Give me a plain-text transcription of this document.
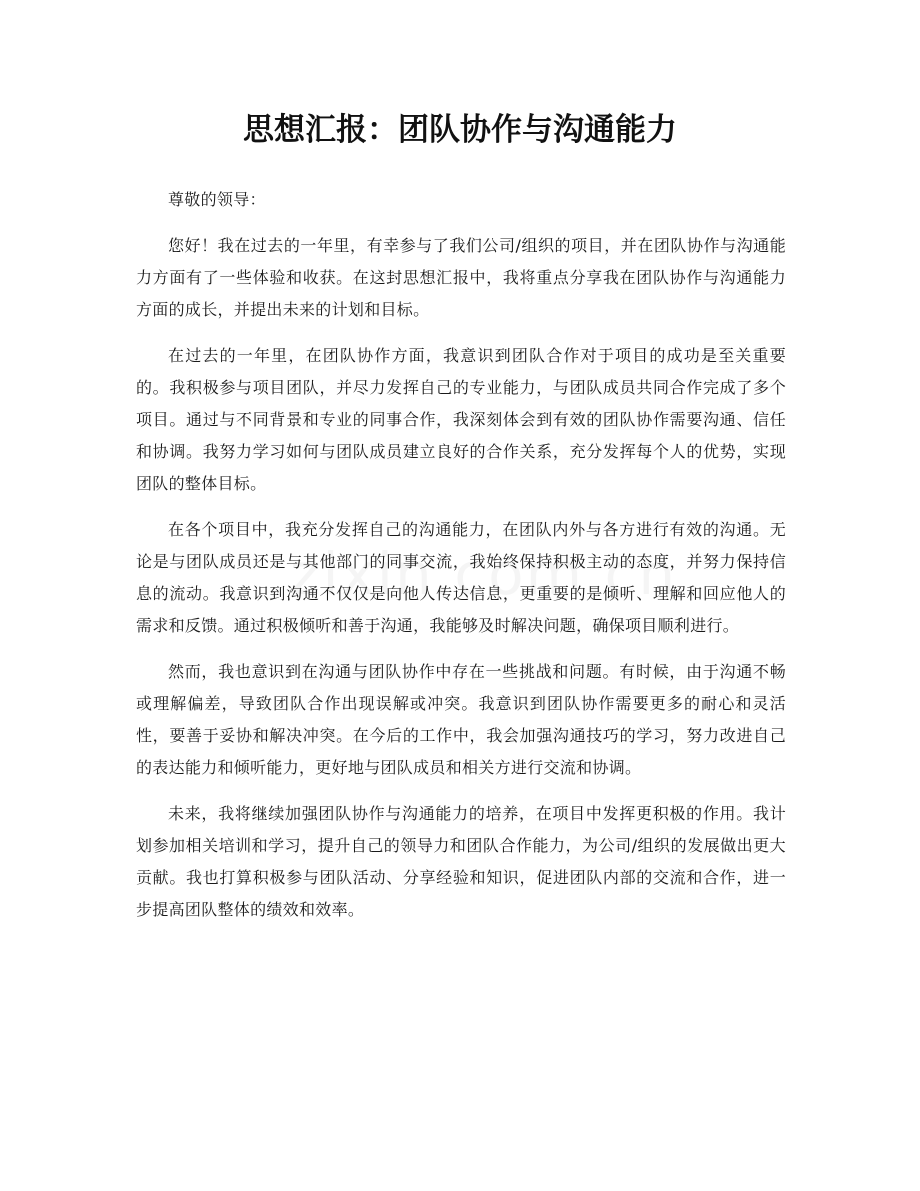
思想汇报：团队协作与沟通能力

尊敬的领导：

您好！我在过去的一年里，有幸参与了我们公司/组织的项目，并在团队协作与沟通能力方面有了一些体验和收获。在这封思想汇报中，我将重点分享我在团队协作与沟通能力方面的成长，并提出未来的计划和目标。

在过去的一年里，在团队协作方面，我意识到团队合作对于项目的成功是至关重要的。我积极参与项目团队，并尽力发挥自己的专业能力，与团队成员共同合作完成了多个项目。通过与不同背景和专业的同事合作，我深刻体会到有效的团队协作需要沟通、信任和协调。我努力学习如何与团队成员建立良好的合作关系，充分发挥每个人的优势，实现团队的整体目标。

在各个项目中，我充分发挥自己的沟通能力，在团队内外与各方进行有效的沟通。无论是与团队成员还是与其他部门的同事交流，我始终保持积极主动的态度，并努力保持信息的流动。我意识到沟通不仅仅是向他人传达信息，更重要的是倾听、理解和回应他人的需求和反馈。通过积极倾听和善于沟通，我能够及时解决问题，确保项目顺利进行。

然而，我也意识到在沟通与团队协作中存在一些挑战和问题。有时候，由于沟通不畅或理解偏差，导致团队合作出现误解或冲突。我意识到团队协作需要更多的耐心和灵活性，要善于妥协和解决冲突。在今后的工作中，我会加强沟通技巧的学习，努力改进自己的表达能力和倾听能力，更好地与团队成员和相关方进行交流和协调。

未来，我将继续加强团队协作与沟通能力的培养，在项目中发挥更积极的作用。我计划参加相关培训和学习，提升自己的领导力和团队合作能力，为公司/组织的发展做出更大贡献。我也打算积极参与团队活动、分享经验和知识，促进团队内部的交流和合作，进一步提高团队整体的绩效和效率。
